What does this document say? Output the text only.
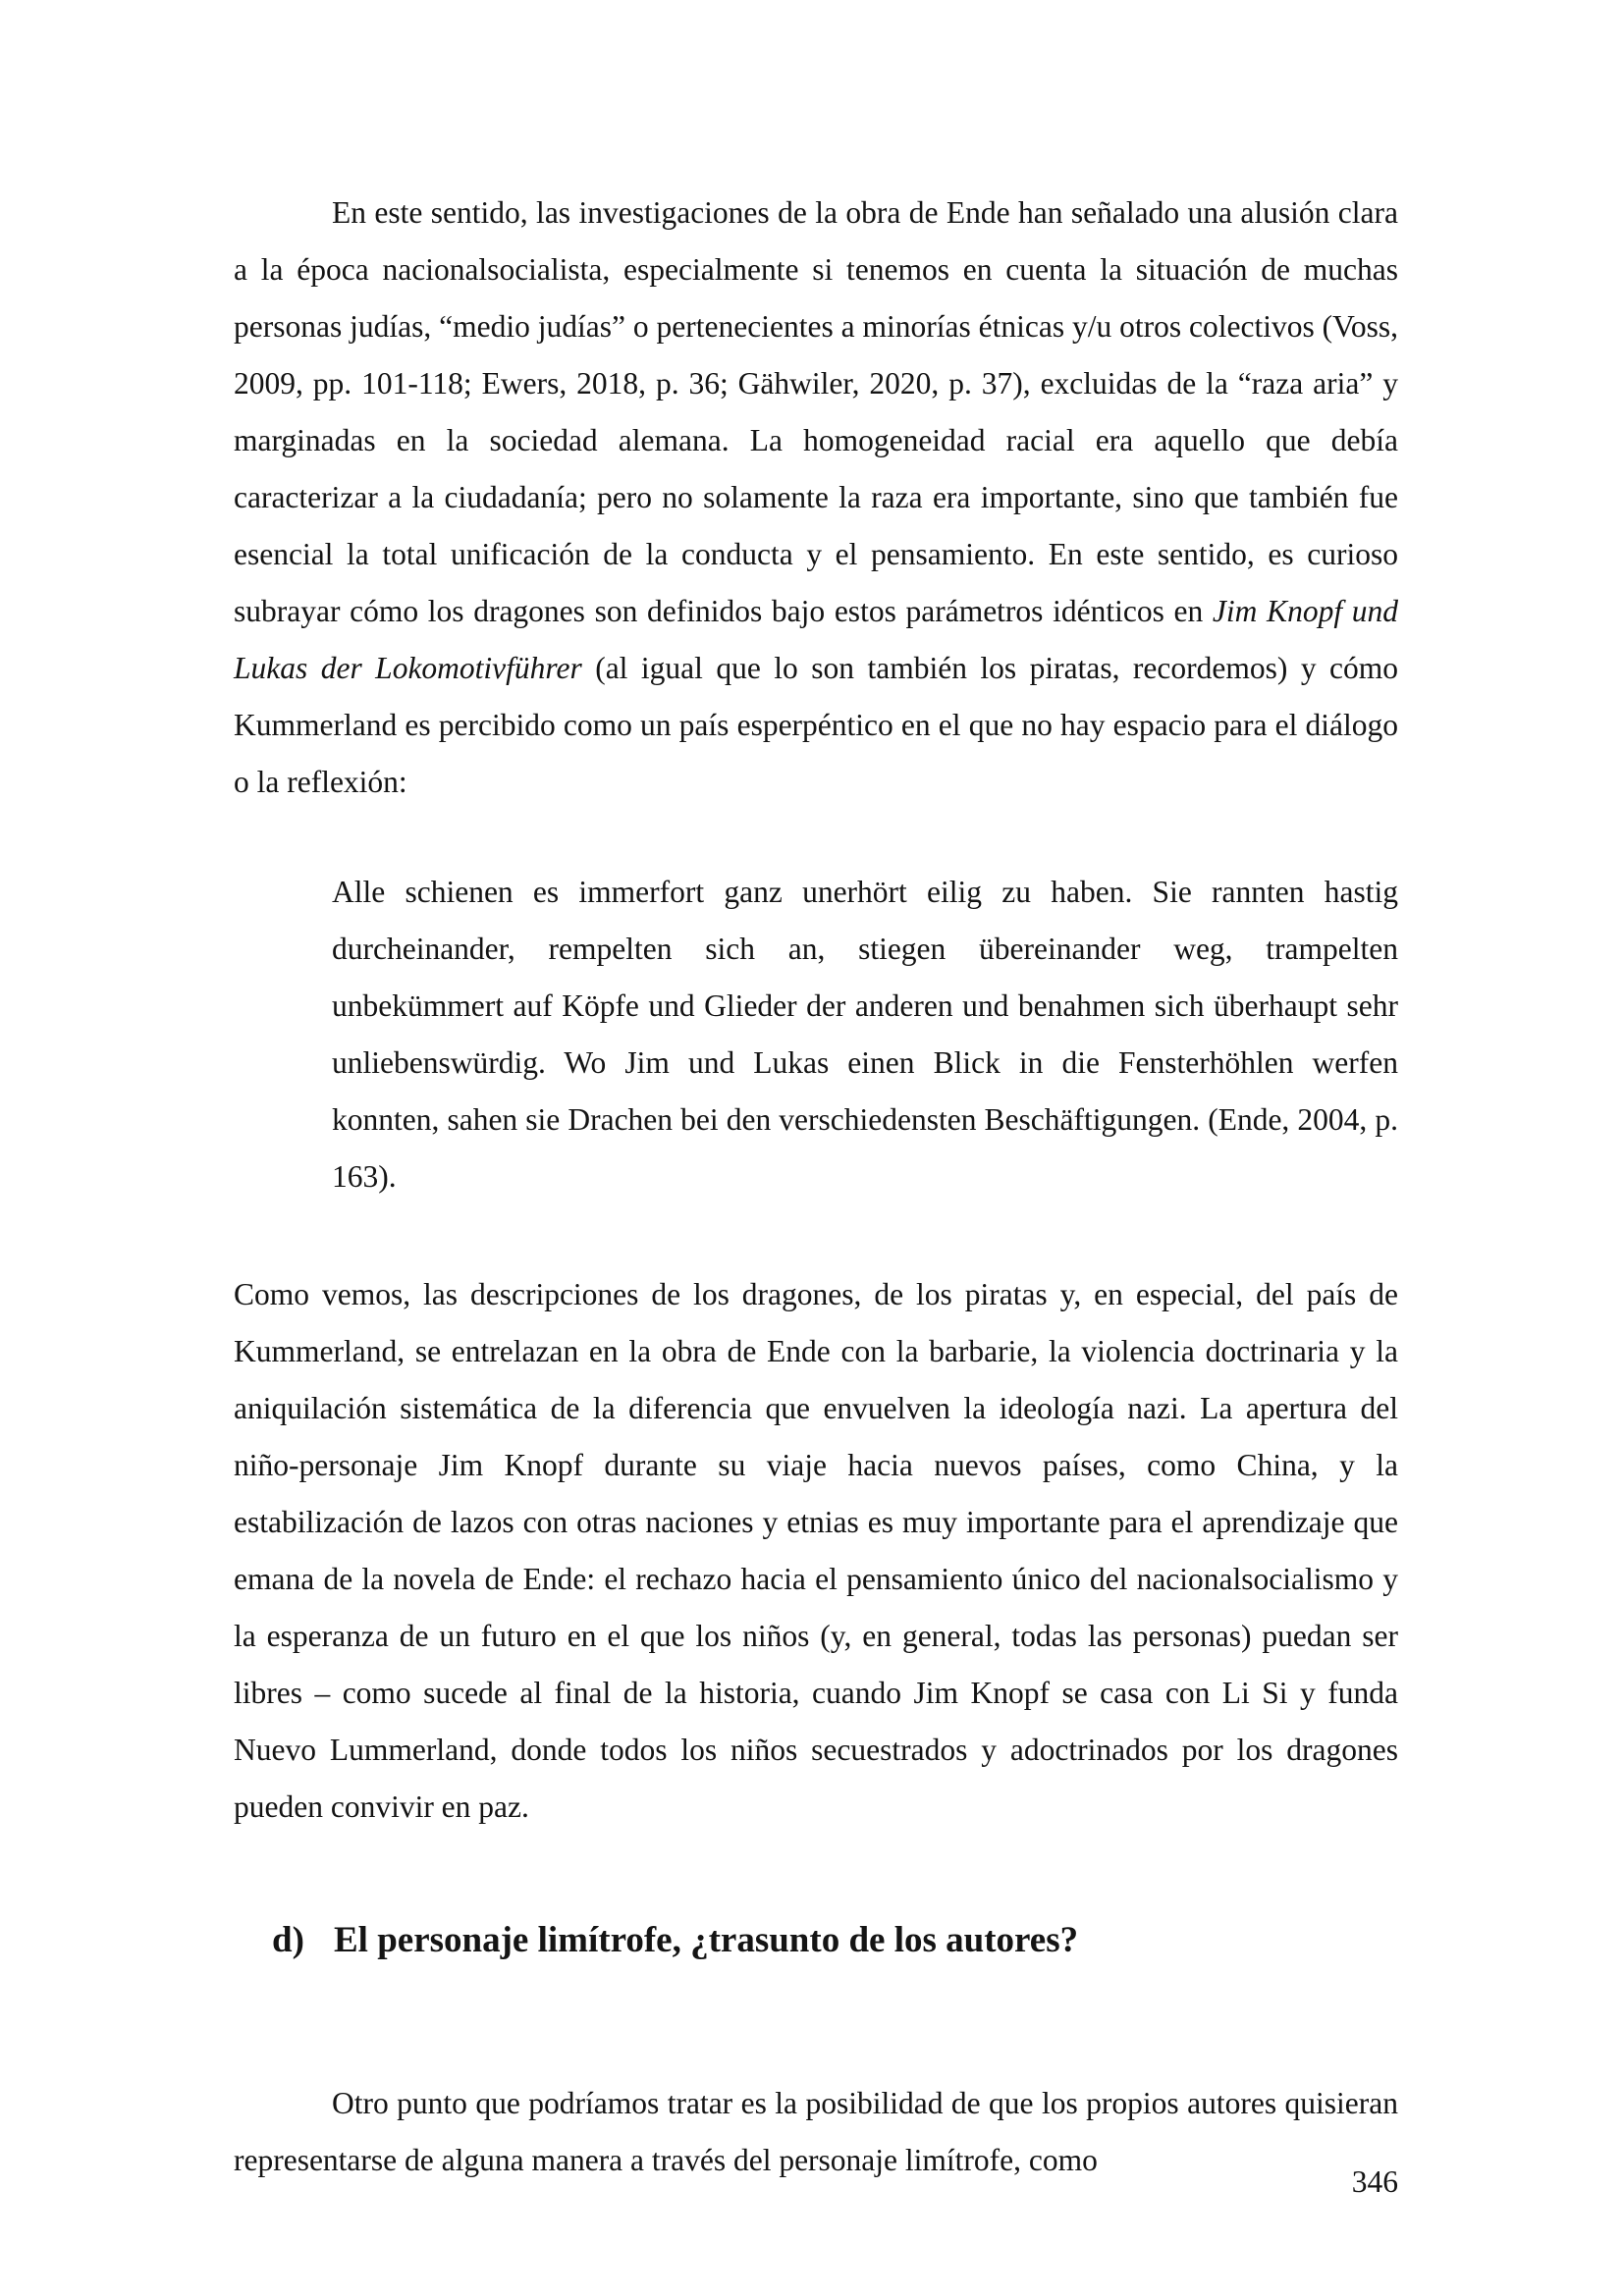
En este sentido, las investigaciones de la obra de Ende han señalado una alusión clara a la época nacionalsocialista, especialmente si tenemos en cuenta la situación de muchas personas judías, “medio judías” o pertenecientes a minorías étnicas y/u otros colectivos (Voss, 2009, pp. 101-118; Ewers, 2018, p. 36; Gähwiler, 2020, p. 37), excluidas de la “raza aria” y marginadas en la sociedad alemana. La homogeneidad racial era aquello que debía caracterizar a la ciudadanía; pero no solamente la raza era importante, sino que también fue esencial la total unificación de la conducta y el pensamiento. En este sentido, es curioso subrayar cómo los dragones son definidos bajo estos parámetros idénticos en Jim Knopf und Lukas der Lokomotivführer (al igual que lo son también los piratas, recordemos) y cómo Kummerland es percibido como un país esperpéntico en el que no hay espacio para el diálogo o la reflexión:

Alle schienen es immerfort ganz unerhört eilig zu haben. Sie rannten hastig durcheinander, rempelten sich an, stiegen übereinander weg, trampelten unbekümmert auf Köpfe und Glieder der anderen und benahmen sich überhaupt sehr unliebenswürdig. Wo Jim und Lukas einen Blick in die Fensterhöhlen werfen konnten, sahen sie Drachen bei den verschiedensten Beschäftigungen. (Ende, 2004, p. 163).

Como vemos, las descripciones de los dragones, de los piratas y, en especial, del país de Kummerland, se entrelazan en la obra de Ende con la barbarie, la violencia doctrinaria y la aniquilación sistemática de la diferencia que envuelven la ideología nazi. La apertura del niño-personaje Jim Knopf durante su viaje hacia nuevos países, como China, y la estabilización de lazos con otras naciones y etnias es muy importante para el aprendizaje que emana de la novela de Ende: el rechazo hacia el pensamiento único del nacionalsocialismo y la esperanza de un futuro en el que los niños (y, en general, todas las personas) puedan ser libres – como sucede al final de la historia, cuando Jim Knopf se casa con Li Si y funda Nuevo Lummerland, donde todos los niños secuestrados y adoctrinados por los dragones pueden convivir en paz.

d) El personaje limítrofe, ¿trasunto de los autores?

Otro punto que podríamos tratar es la posibilidad de que los propios autores quisieran representarse de alguna manera a través del personaje limítrofe, como

346
